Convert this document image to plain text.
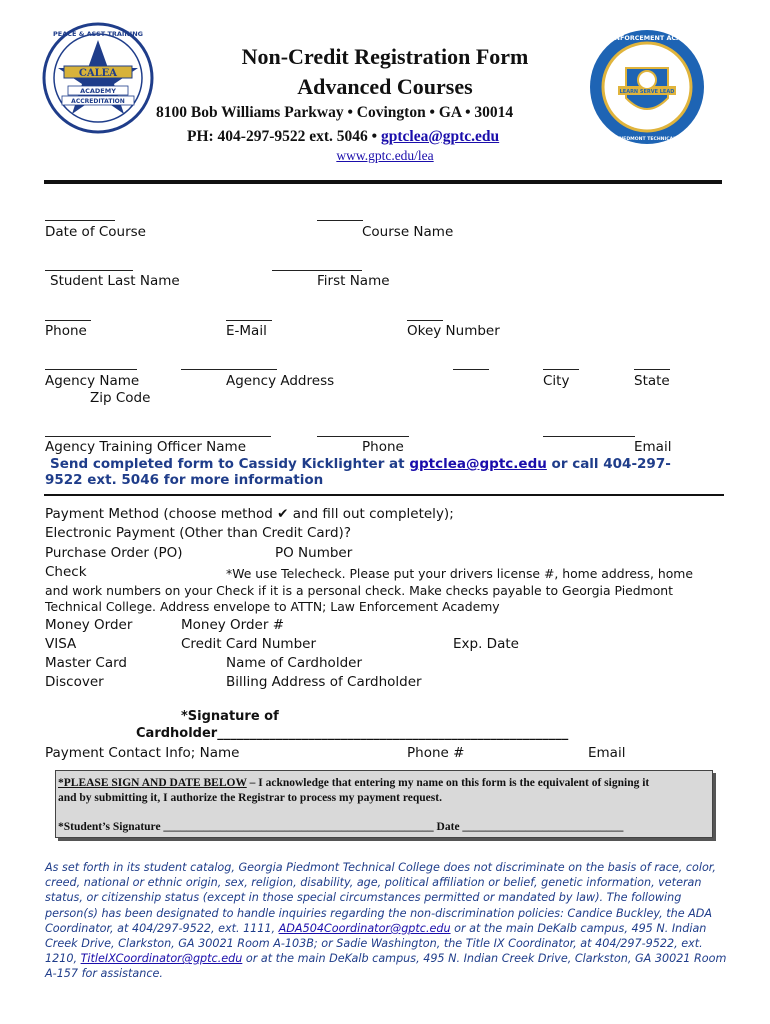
CALEA
ACADEMY
ACCREDITATION
PEACE & ASST TRAINING	LAW ENFORCEMENT ACADEMY
GEORGIA PIEDMONT TECHNICAL COLLEGE
LEARN SERVE LEAD
Non-Credit Registration Form
Advanced Courses
8100 Bob Williams Parkway • Covington • GA • 30014
PH: 404-297-9522 ext. 5046 • gptclea@gptc.edu
www.gptc.edu/lea
Date of Course	Course Name
Student Last Name	First Name
Phone	E-Mail	Okey Number
Agency Name	Agency Address	City	State
Zip Code
Agency Training Officer Name	Phone	Email
Send completed form to Cassidy Kicklighter at gptclea@gptc.edu or call 404-297-
9522 ext. 5046 for more information
Payment Method (choose method ✔ and fill out completely);
Electronic Payment (Other than Credit Card)?
Purchase Order (PO)	PO Number
Check	*We use Telecheck. Please put your drivers license #, home address, home
and work numbers on your Check if it is a personal check. Make checks payable to Georgia Piedmont
Technical College. Address envelope to ATTN; Law Enforcement Academy
Money Order	Money Order #
VISA	Credit Card Number	Exp. Date
Master Card	Name of Cardholder
Discover	Billing Address of Cardholder
*Signature of
Cardholder______________________________________________________
Payment Contact Info; Name	Phone #	Email
*PLEASE SIGN AND DATE BELOW – I acknowledge that entering my name on this form is the equivalent of signing it
and by submitting it, I authorize the Registrar to process my payment request.
*Student’s Signature _______________________________________________ Date ____________________________
As set forth in its student catalog, Georgia Piedmont Technical College does not discriminate on the basis of race, color, creed, national or ethnic origin, sex, religion, disability, age, political affiliation or belief, genetic information, veteran status, or citizenship status (except in those special circumstances permitted or mandated by law). The following person(s) has been designated to handle inquiries regarding the non-discrimination policies: Candice Buckley, the ADA Coordinator, at 404/297-9522, ext. 1111, ADA504Coordinator@gptc.edu or at the main DeKalb campus, 495 N. Indian Creek Drive, Clarkston, GA 30021 Room A-103B; or Sadie Washington, the Title IX Coordinator, at 404/297-9522, ext. 1210, TitleIXCoordinator@gptc.edu or at the main DeKalb campus, 495 N. Indian Creek Drive, Clarkston, GA 30021 Room A-157 for assistance.
